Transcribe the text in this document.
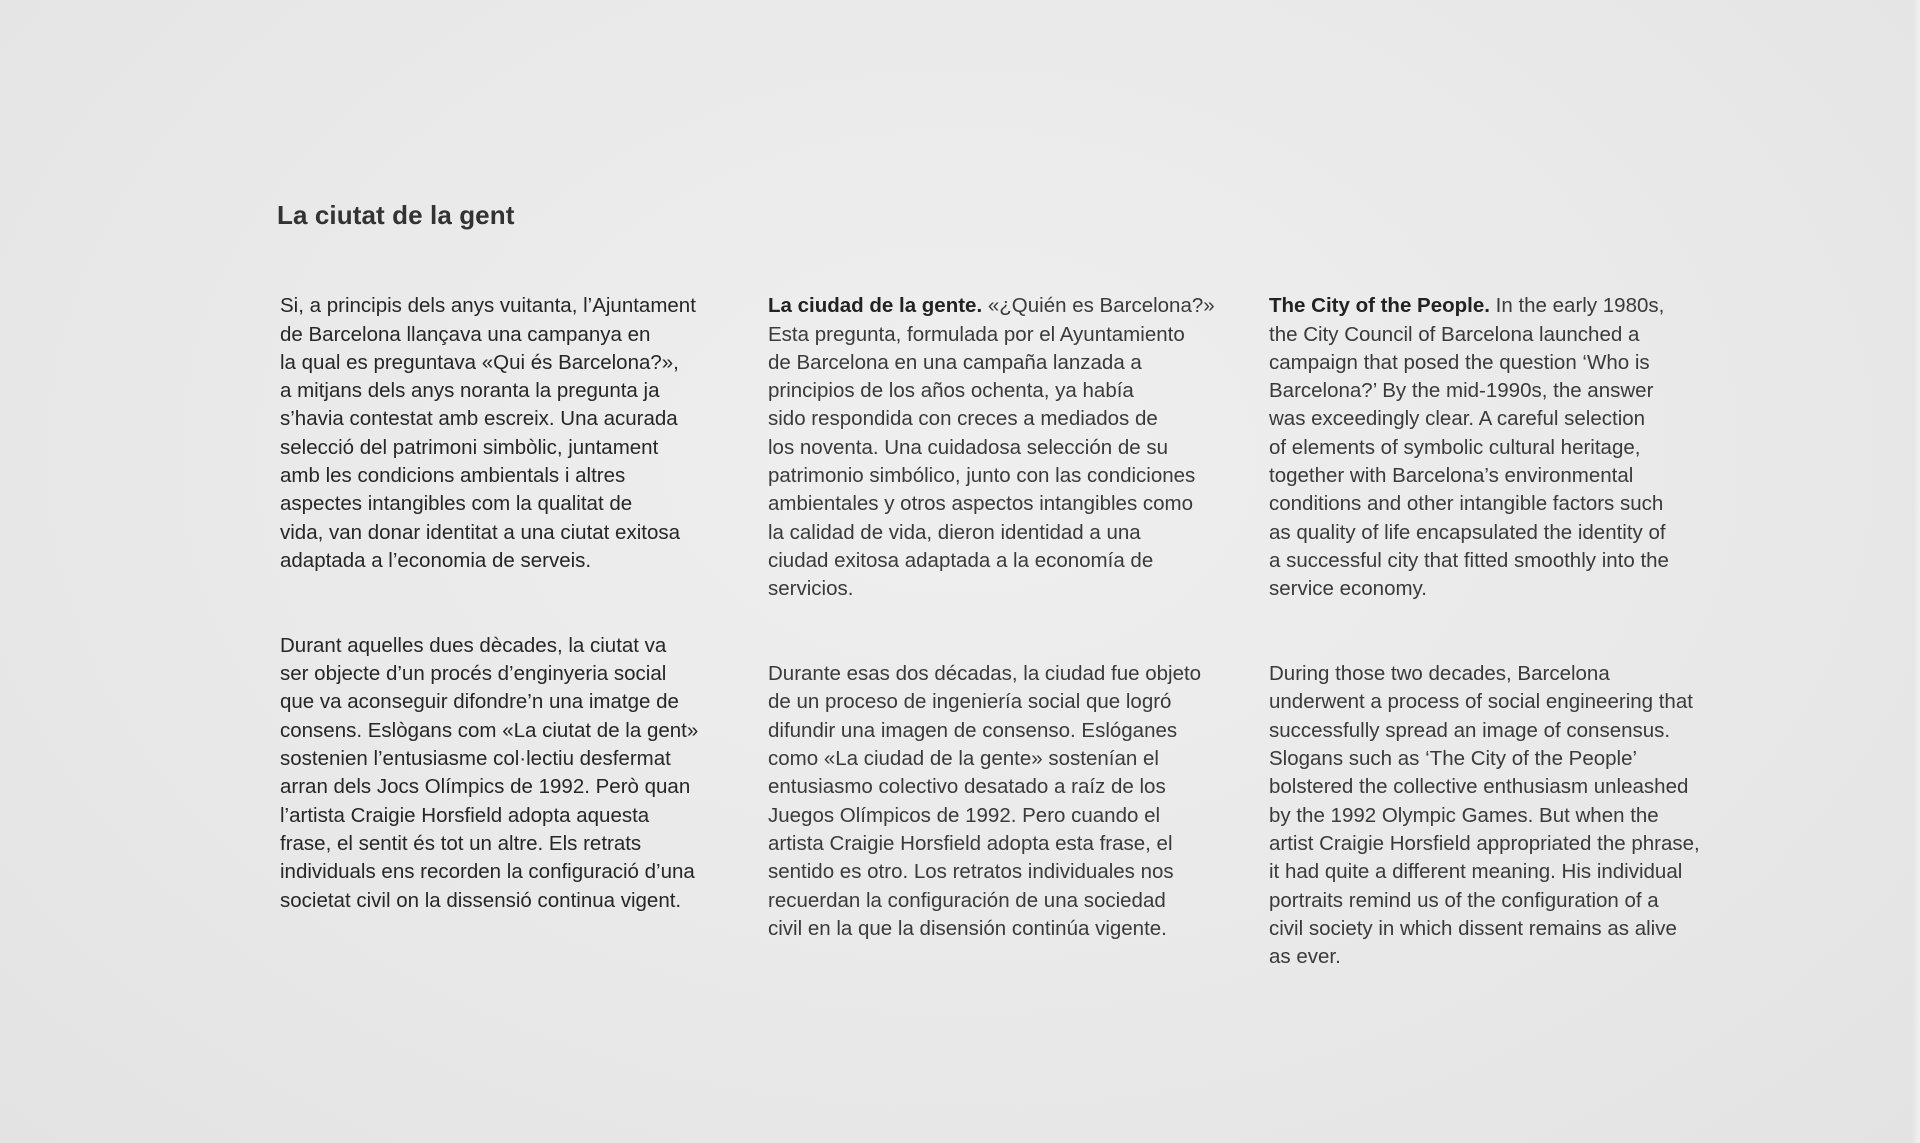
La ciutat de la gent

Si, a principis dels anys vuitanta, l’Ajuntament
de Barcelona llançava una campanya en
la qual es preguntava «Qui és Barcelona?»,
a mitjans dels anys noranta la pregunta ja
s’havia contestat amb escreix. Una acurada
selecció del patrimoni simbòlic, juntament
amb les condicions ambientals i altres
aspectes intangibles com la qualitat de
vida, van donar identitat a una ciutat exitosa
adaptada a l’economia de serveis.

Durant aquelles dues dècades, la ciutat va
ser objecte d’un procés d’enginyeria social
que va aconseguir difondre’n una imatge de
consens. Eslògans com «La ciutat de la gent»
sostenien l’entusiasme col·lectiu desfermat
arran dels Jocs Olímpics de 1992. Però quan
l’artista Craigie Horsfield adopta aquesta
frase, el sentit és tot un altre. Els retrats
individuals ens recorden la configuració d’una
societat civil on la dissensió continua vigent.

La ciudad de la gente. «¿Quién es Barcelona?»
Esta pregunta, formulada por el Ayuntamiento
de Barcelona en una campaña lanzada a
principios de los años ochenta, ya había
sido respondida con creces a mediados de
los noventa. Una cuidadosa selección de su
patrimonio simbólico, junto con las condiciones
ambientales y otros aspectos intangibles como
la calidad de vida, dieron identidad a una
ciudad exitosa adaptada a la economía de
servicios.

Durante esas dos décadas, la ciudad fue objeto
de un proceso de ingeniería social que logró
difundir una imagen de consenso. Eslóganes
como «La ciudad de la gente» sostenían el
entusiasmo colectivo desatado a raíz de los
Juegos Olímpicos de 1992. Pero cuando el
artista Craigie Horsfield adopta esta frase, el
sentido es otro. Los retratos individuales nos
recuerdan la configuración de una sociedad
civil en la que la disensión continúa vigente.

The City of the People. In the early 1980s,
the City Council of Barcelona launched a
campaign that posed the question ‘Who is
Barcelona?’ By the mid-1990s, the answer
was exceedingly clear. A careful selection
of elements of symbolic cultural heritage,
together with Barcelona’s environmental
conditions and other intangible factors such
as quality of life encapsulated the identity of
a successful city that fitted smoothly into the
service economy.

During those two decades, Barcelona
underwent a process of social engineering that
successfully spread an image of consensus.
Slogans such as ‘The City of the People’
bolstered the collective enthusiasm unleashed
by the 1992 Olympic Games. But when the
artist Craigie Horsfield appropriated the phrase,
it had quite a different meaning. His individual
portraits remind us of the configuration of a
civil society in which dissent remains as alive
as ever.
